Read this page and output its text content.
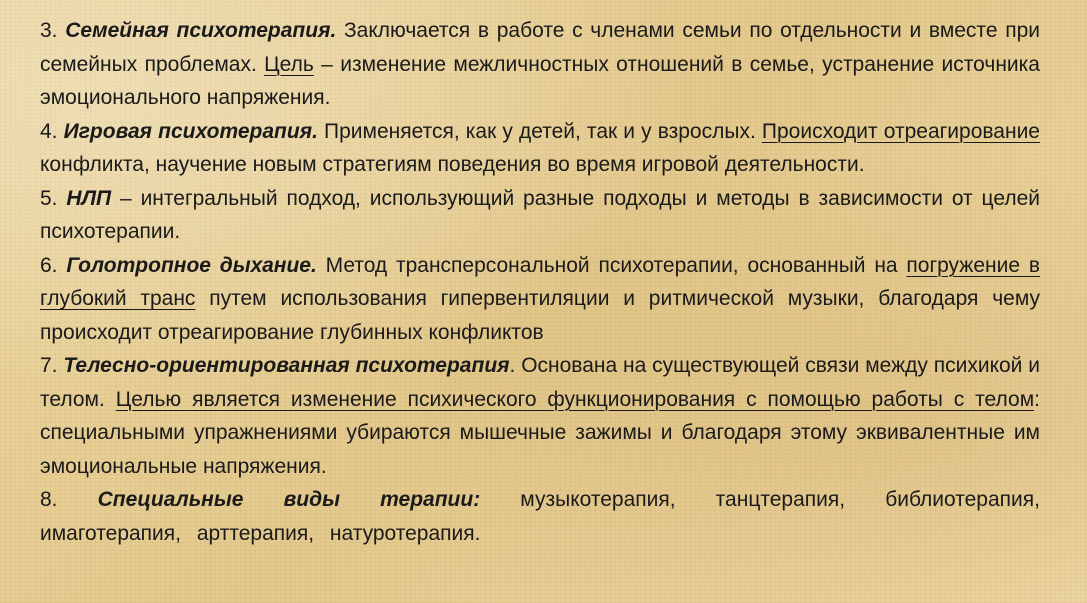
3. Семейная психотерапия. Заключается в работе с членами семьи по отдельности и вместе при семейных проблемах. Цель – изменение межличностных отношений в семье, устранение источника эмоционального напряжения.

4. Игровая психотерапия. Применяется, как у детей, так и у взрослых. Происходит отреагирование конфликта, научение новым стратегиям поведения во время игровой деятельности.

5. НЛП – интегральный подход, использующий разные подходы и методы в зависимости от целей психотерапии.

6. Голотропное дыхание. Метод трансперсональной психотерапии, основанный на погружение в глубокий транс путем использования гипервентиляции и ритмической музыки, благодаря чему происходит отреагирование глубинных конфликтов

7. Телесно-ориентированная психотерапия. Основана на существующей связи между психикой и телом. Целью является изменение психического функционирования с помощью работы с телом: специальными упражнениями убираются мышечные зажимы и благодаря этому эквивалентные им эмоциональные напряжения.

8. Специальные виды терапии: музыкотерапия, танцтерапия, библиотерапия, имаготерапия, арттерапия, натуротерапия.
